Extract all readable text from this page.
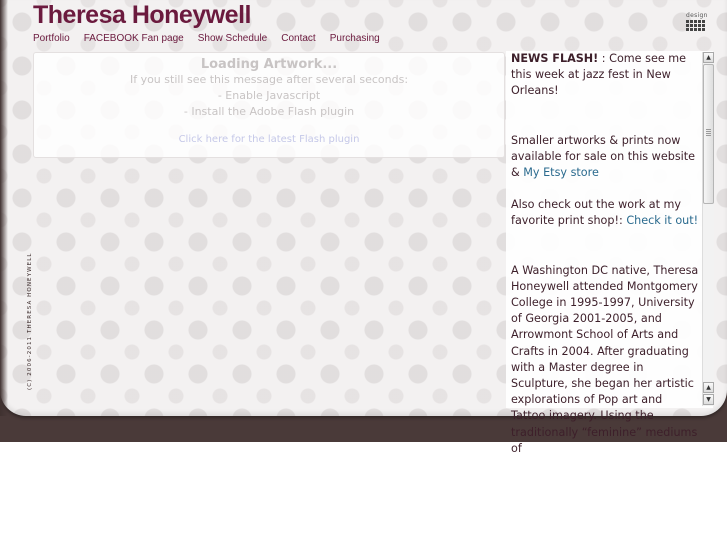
Theresa Honeywell
Portfolio FACEBOOK Fan page Show Schedule Contact Purchasing
design
Loading Artwork...
If you still see this message after several seconds:
- Enable Javascript
- Install the Adobe Flash plugin
Click here for the latest Flash plugin
(C) 2006-2011 THERESA HONEYWELL

NEWS FLASH! : Come see me this week at jazz fest in New Orleans!

Smaller artworks & prints now available for sale on this website & My Etsy store

Also check out the work at my favorite print shop!: Check it out!

A Washington DC native, Theresa Honeywell attended Montgomery College in 1995-1997, University of Georgia 2001-2005, and Arrowmont School of Arts and Crafts in 2004. After graduating with a Master degree in Sculpture, she began her artistic explorations of Pop art and Tattoo imagery. Using the traditionally “feminine” mediums of

▲
▲
▼
